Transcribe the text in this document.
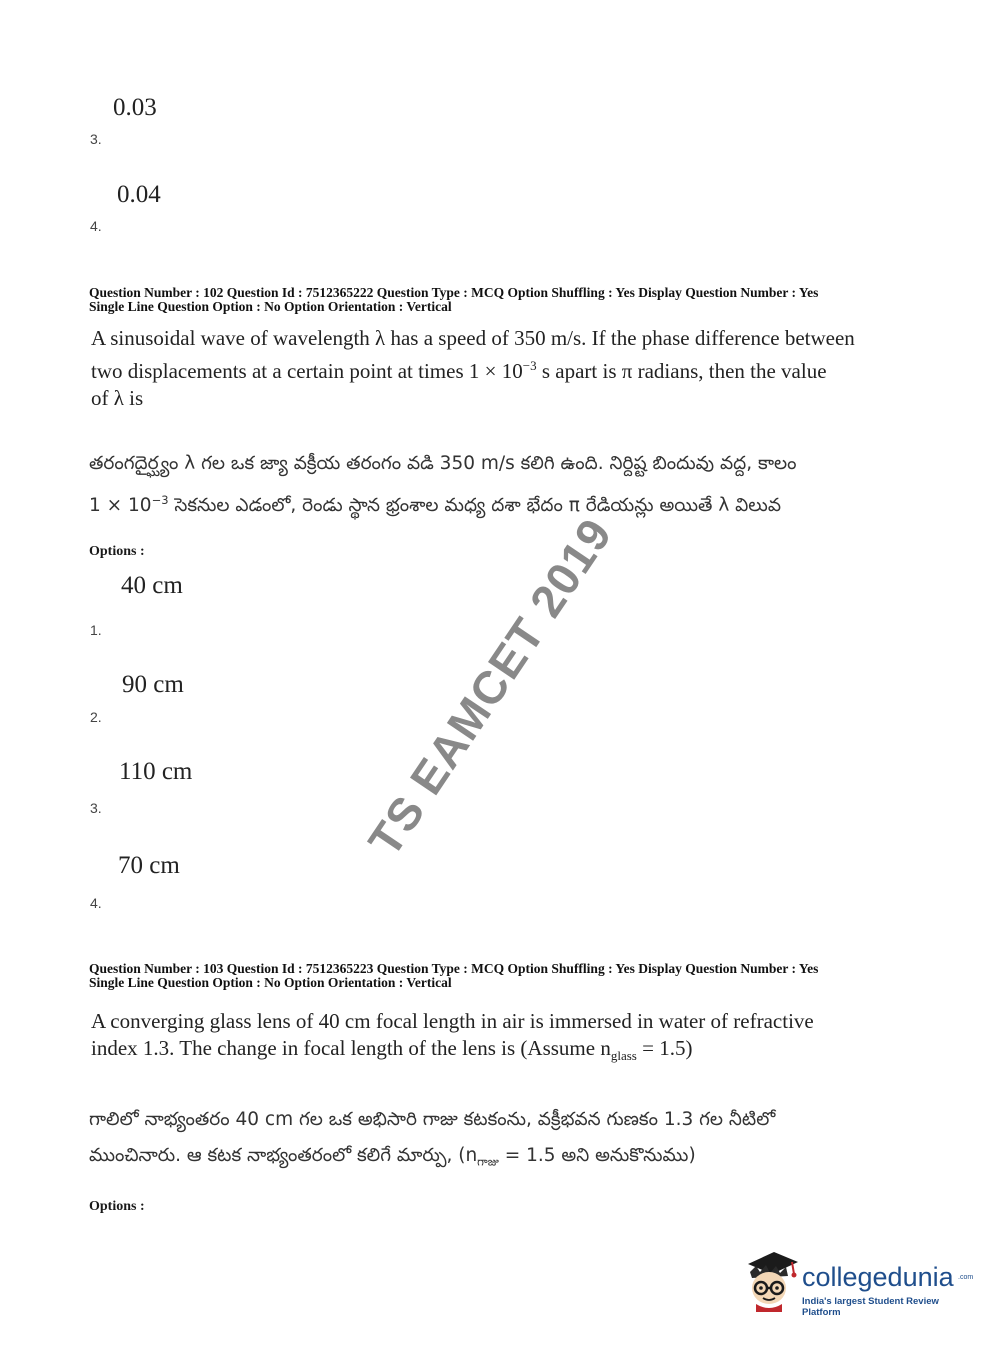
0.03
3.
0.04
4.
Question Number : 102 Question Id : 7512365222 Question Type : MCQ Option Shuffling : Yes Display Question Number : Yes
Single Line Question Option : No Option Orientation : Vertical
A sinusoidal wave of wavelength λ has a speed of 350 m/s. If the phase difference between
two displacements at a certain point at times $1 \times 10^{-3}$ s apart is π radians, then the value
of λ is
తరంగదైర్ఘ్యం λ గల ఒక జ్యా వక్రీయ తరంగం వడి 350 m/s కలిగి ఉంది. నిర్దిష్ట బిందువు వద్ద, కాలం
$1 \times 10^{-3}$ సెకనుల ఎడంలో, రెండు స్థాన భ్రంశాల మధ్య దశా భేదం π రేడియన్లు అయితే λ విలువ
Options :
40 cm
1.
90 cm
2.
110 cm
3.
70 cm
4.
Question Number : 103 Question Id : 7512365223 Question Type : MCQ Option Shuffling : Yes Display Question Number : Yes
Single Line Question Option : No Option Orientation : Vertical
A converging glass lens of 40 cm focal length in air is immersed in water of refractive
index 1.3. The change in focal length of the lens is (Assume $n_{glass} = 1.5$)
గాలిలో నాభ్యంతరం 40 cm గల ఒక అభిసారి గాజు కటకంను, వక్రీభవన గుణకం 1.3 గల నీటిలో
ముంచినారు. ఆ కటక నాభ్యంతరంలో కలిగే మార్పు, ($n_{గాజు} = 1.5$ అని అనుకొనుము)
Options :
TS EAMCET 2019
collegedunia .com
India's largest Student Review Platform
